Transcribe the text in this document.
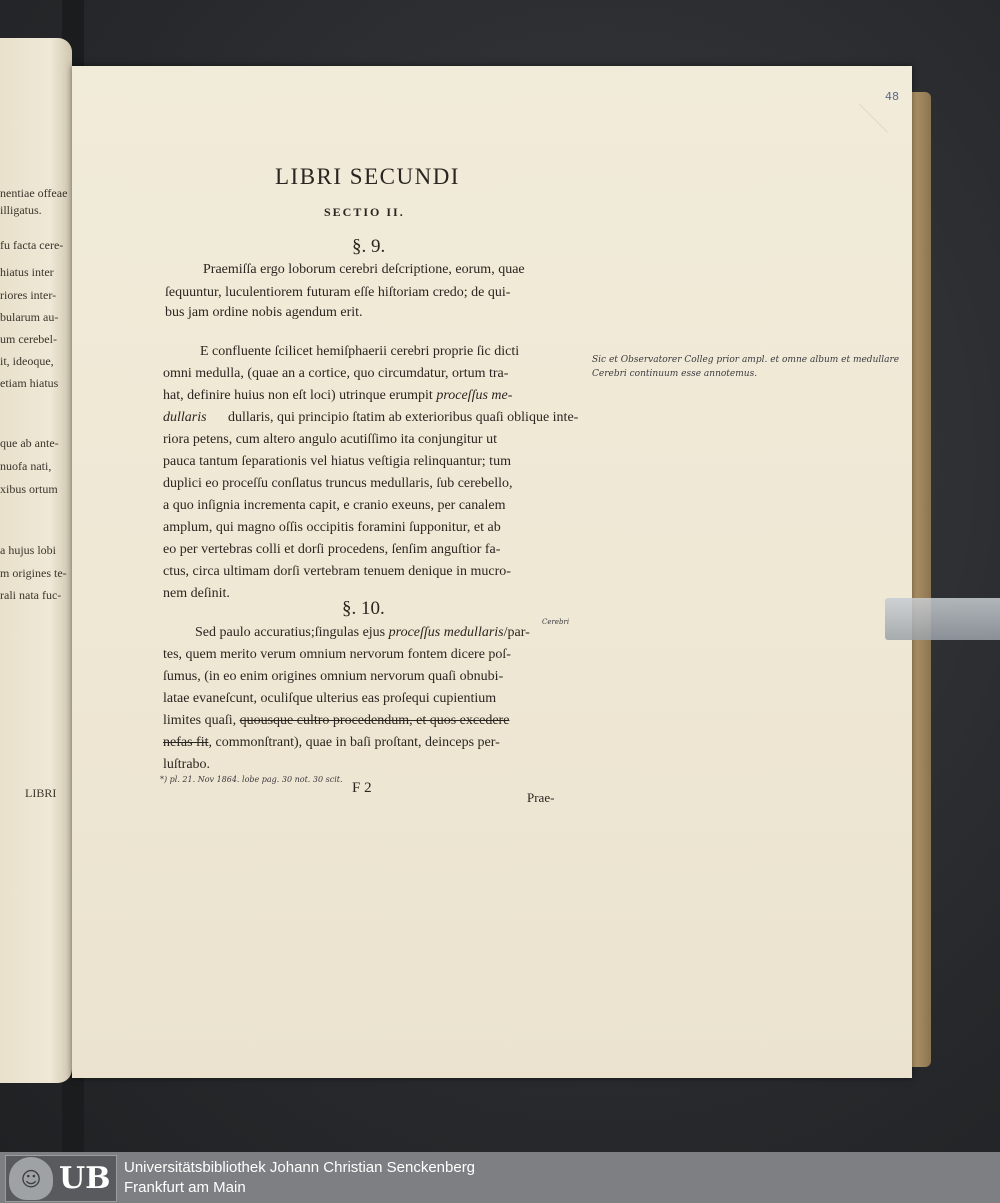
nentiae offeae
illigatus.
fu facta cere-
hiatus inter
riores inter-
bularum au-
um cerebel-
it, ideoque,
etiam hiatus
que ab ante-
nuofa nati,
xibus ortum
a hujus lobi
m origines te-
rali nata fuc-
LIBRI
48
LIBRI SECUNDI
SECTIO II.
§. 9.
Praemiſſa ergo loborum cerebri deſcriptione, eorum, quae
ſequuntur, luculentiorem futuram eſſe hiſtoriam credo; de qui-
bus jam ordine nobis agendum erit.
E confluente ſcilicet hemiſphaerii cerebri proprie ſic dicti
omni medulla, (quae an a cortice, quo circumdatur, ortum tra-
hat, definire huius non eſt loci) utrinque erumpit proceſſus me-
dullaris dullaris, qui principio ſtatim ab exterioribus quaſi oblique inte-
riora petens, cum altero angulo acutiſſimo ita conjungitur ut
pauca tantum ſeparationis vel hiatus veſtigia relinquantur; tum
duplici eo proceſſu conſlatus truncus medullaris, ſub cerebello,
a quo inſignia incrementa capit, e cranio exeuns, per canalem
amplum, qui magno oſſis occipitis foramini ſupponitur, et ab
eo per vertebras colli et dorſi procedens, ſenſim anguſtior fa-
ctus, circa ultimam dorſi vertebram tenuem denique in mucro-
nem deſinit.
§. 10.
Cerebri
Sed paulo accuratius;ſingulas ejus proceſſus medullaris/par-
tes, quem merito verum omnium nervorum fontem dicere poſ-
ſumus, (in eo enim origines omnium nervorum quaſi obnubi-
latae evaneſcunt, oculiſque ulterius eas proſequi cupientium
limites quaſi, quousque cultro procedendum, et quos excedere
nefas fit, commonſtrant), quae in baſi proſtant, deinceps per-
luſtrabo.
Sic et Observatorer Colleg prior ampl. et omne album et medullare
Cerebri continuum esse annotemus.
*) pl. 21. Nov 1864. lobe pag. 30 not. 30 scit.
F 2
Prae-
☺ UB Universitätsbibliothek Johann Christian Senckenberg
Frankfurt am Main
